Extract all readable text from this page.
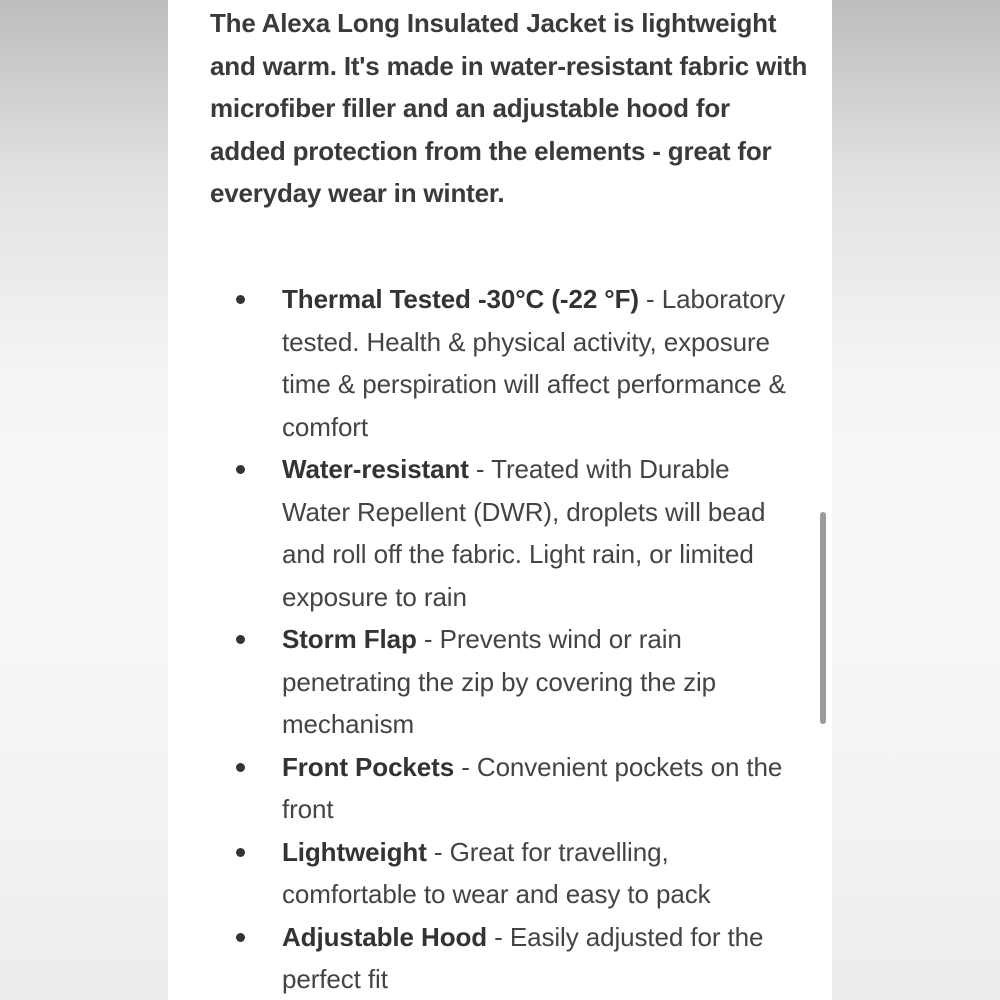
The Alexa Long Insulated Jacket is lightweight and warm. It's made in water-resistant fabric with microfiber filler and an adjustable hood for added protection from the elements - great for everyday wear in winter.

Thermal Tested -30°C (-22 °F) - Laboratory tested. Health & physical activity, exposure time & perspiration will affect performance & comfort
Water-resistant - Treated with Durable Water Repellent (DWR), droplets will bead and roll off the fabric. Light rain, or limited exposure to rain
Storm Flap - Prevents wind or rain penetrating the zip by covering the zip mechanism
Front Pockets - Convenient pockets on the front
Lightweight - Great for travelling, comfortable to wear and easy to pack
Adjustable Hood - Easily adjusted for the perfect fit
